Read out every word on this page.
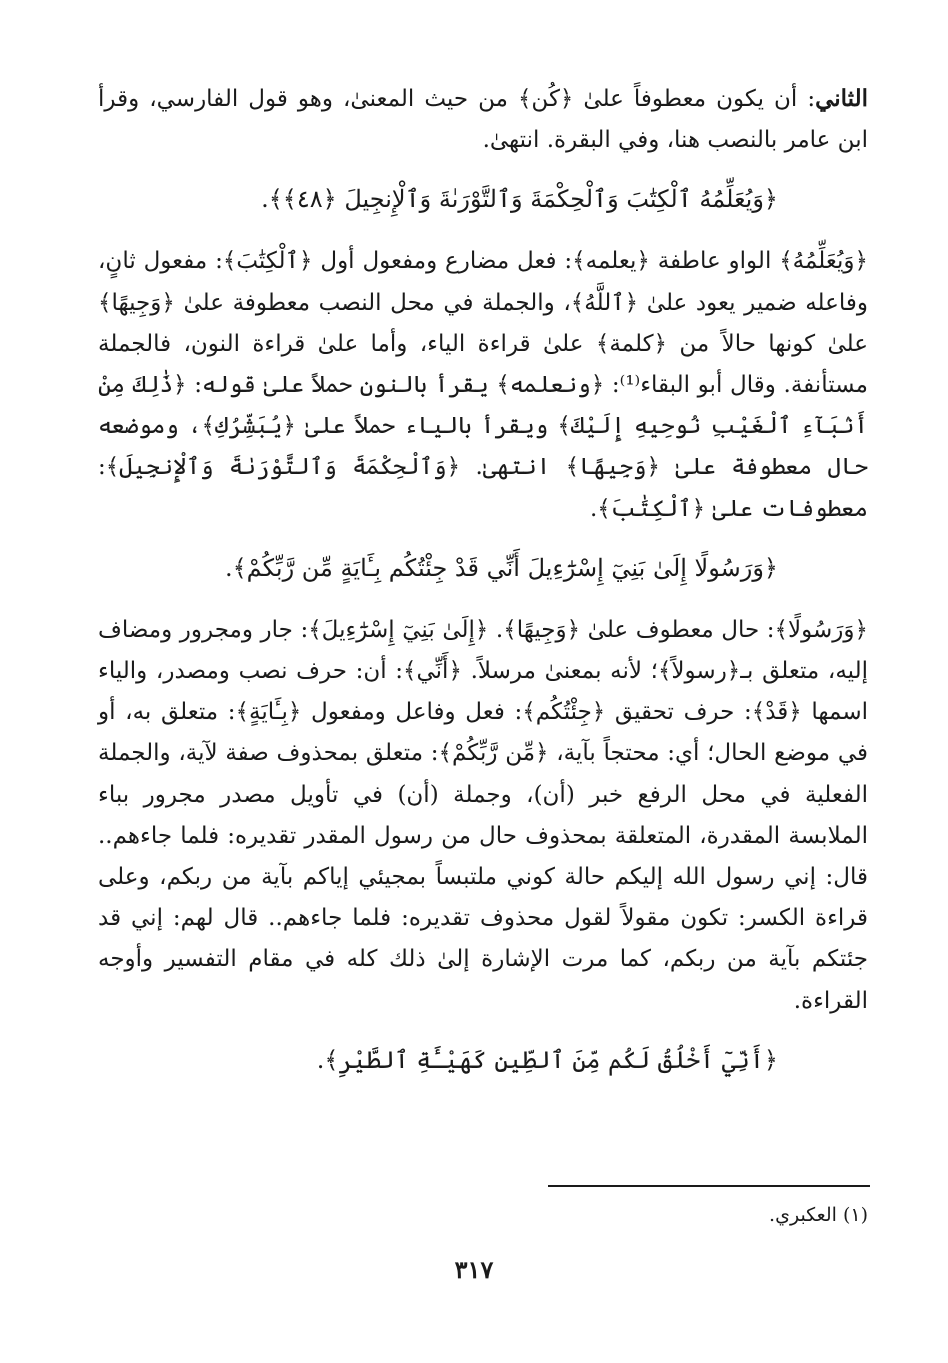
الثاني: أن يكون معطوفاً علىٰ ﴿كُن﴾ من حيث المعنىٰ، وهو قول الفارسي، وقرأ ابن عامر بالنصب هنا، وفي البقرة. انتهىٰ.

﴿وَيُعَلِّمُهُ ٱلْكِتَٰبَ وَٱلْحِكْمَةَ وَٱلتَّوْرَىٰةَ وَٱلْإِنجِيلَ ﴿٤٨﴾﴾.

﴿وَيُعَلِّمُهُ﴾ الواو عاطفة ﴿يعلمه﴾: فعل مضارع ومفعول أول ﴿ٱلْكِتَٰبَ﴾: مفعول ثانٍ، وفاعله ضمير يعود علىٰ ﴿ٱللَّهُ﴾، والجملة في محل النصب معطوفة علىٰ ﴿وَجِيهًا﴾ علىٰ كونها حالاً من ﴿كلمة﴾ علىٰ قراءة الياء، وأما علىٰ قراءة النون، فالجملة مستأنفة. وقال أبو البقاء⁽¹⁾: ﴿ونعلمه﴾ يقرأ بالنون حملاً علىٰ قوله: ﴿ذَٰلِكَ مِنْ أَنۢبَآءِ ٱلْغَيْبِ نُوحِيهِ إِلَيْكَ﴾ ويقرأ بالياء حملاً علىٰ ﴿يُبَشِّرُكِ﴾، وموضعه حال معطوفة علىٰ ﴿وَجِيهًا﴾ انتهىٰ. ﴿وَٱلْحِكْمَةَ وَٱلتَّوْرَىٰةَ وَٱلْإِنجِيلَ﴾: معطوفات علىٰ ﴿ٱلْكِتَٰبَ﴾.

﴿وَرَسُولًا إِلَىٰ بَنِيٓ إِسْرَٰٓءِيلَ أَنِّي قَدْ جِئْتُكُم بِـَٔايَةٍ مِّن رَّبِّكُمْ﴾.

﴿وَرَسُولًا﴾: حال معطوف علىٰ ﴿وَجِيهًا﴾. ﴿إِلَىٰ بَنِيٓ إِسْرَٰٓءِيلَ﴾: جار ومجرور ومضاف إليه، متعلق بـ﴿رسولاً﴾؛ لأنه بمعنىٰ مرسلاً. ﴿أَنِّي﴾: أن: حرف نصب ومصدر، والياء اسمها ﴿قَدْ﴾: حرف تحقيق ﴿جِئْتُكُم﴾: فعل وفاعل ومفعول ﴿بِـَٔايَةٍ﴾: متعلق به، أو في موضع الحال؛ أي: محتجاً بآية، ﴿مِّن رَّبِّكُمْ﴾: متعلق بمحذوف صفة لآية، والجملة الفعلية في محل الرفع خبر (أن)، وجملة (أن) في تأويل مصدر مجرور بباء الملابسة المقدرة، المتعلقة بمحذوف حال من رسول المقدر تقديره: فلما جاءهم.. قال: إني رسول الله إليكم حالة كوني ملتبساً بمجيئي إياكم بآية من ربكم، وعلى قراءة الكسر: تكون مقولاً لقول محذوف تقديره: فلما جاءهم.. قال لهم: إني قد جئتكم بآية من ربكم، كما مرت الإشارة إلىٰ ذلك كله في مقام التفسير وأوجه القراءة.

﴿أَنِّيٓ أَخْلُقُ لَكُم مِّنَ ٱلطِّينِ كَهَيْـَٔةِ ٱلطَّيْرِ﴾.

(١) العكبري.
٣١٧
